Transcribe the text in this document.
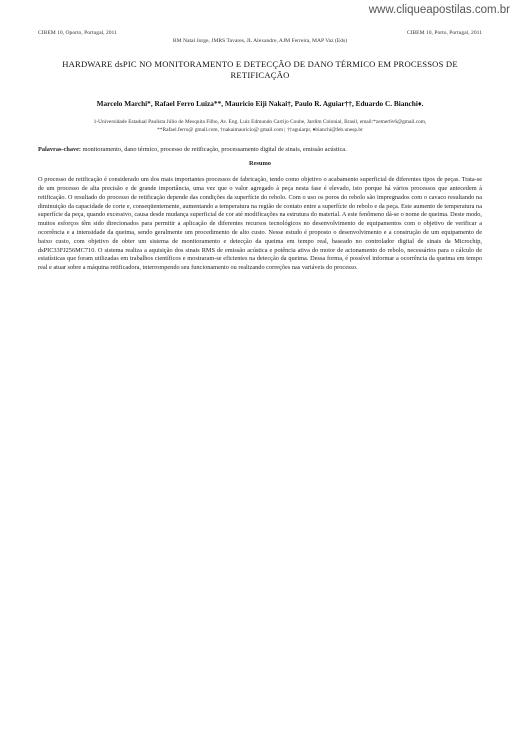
www.cliqueapostilas.com.br
CIBEM 10, Oporto, Portugal, 2011	CIBEM 10, Porto, Portugal, 2011
RM Natal Jorge, JMRS Tavares, JL Alexandre, AJM Ferreira, MAP Vaz (Eds)
HARDWARE dsPIC NO MONITORAMENTO E DETECÇÃO DE DANO TÉRMICO EM PROCESSOS DE RETIFICAÇÃO
Marcelo Marchi*, Rafael Ferro Luiza**, Mauricio Eiji Nakai†, Paulo R. Aguiar††, Eduardo C. Bianchi♦.
1-Universidade Estadual Paulista Júlio de Mesquita Filho, Av. Eng. Luiz Edmundo Carrijo Coube, Jardim Colonial, Brasil, email:*zemer6v6@gmail.com,
**Rafael.ferro@ gmail.com, †nakaimauricio@ gmail.com | ††aguiarpr, ♦bianchi@feb.unesp.br
Palavras-chave: monitoramento, dano térmico, processo de retificação, processamento digital de sinais, emissão acústica.
Resumo

O processo de retificação é considerado um dos mais importantes processos de fabricação, tendo como objetivo o acabamento superficial de diferentes tipos de peças. Trata-se de um processo de alta precisão e de grande importância, uma vez que o valor agregado à peça nesta fase é elevado, isto porque há vários processos que antecedem à retificação. O resultado do processo de retificação depende das condições da superfície do rebolo. Com o uso os poros do rebolo são impregnados com o cavaco resultando na diminuição da capacidade de corte e, conseqüentemente, aumentando a temperatura na região de contato entre a superfície do rebolo e da peça. Este aumento de temperatura na superfície da peça, quando excessivo, causa desde mudança superficial de cor até modificações na estrutura do material. A este fenômeno dá-se o nome de queima. Deste modo, muitos esforços têm sido direcionados para permitir a aplicação de diferentes recursos tecnológicos no desenvolvimento de equipamentos com o objetivo de verificar a ocorrência e a intensidade da queima, sendo geralmente um procedimento de alto custo. Nesse estudo é proposto o desenvolvimento e a construção de um equipamento de baixo custo, com objetivo de obter um sistema de monitoramento e detecção da queima em tempo real, baseado no controlador digital de sinais da Microchip, dsPIC33FJ256MC710. O sistema realiza a aquisição dos sinais RMS de emissão acústica e potência ativa do motor de acionamento do rebolo, necessários para o cálculo de estatísticas que foram utilizadas em trabalhos científicos e mostraram-se eficientes na detecção da queima. Dessa forma, é possível informar a ocorrência da queima em tempo real e atuar sobre a máquina retificadora, interrompendo seu funcionamento ou realizando correções nas variáveis do processo.
